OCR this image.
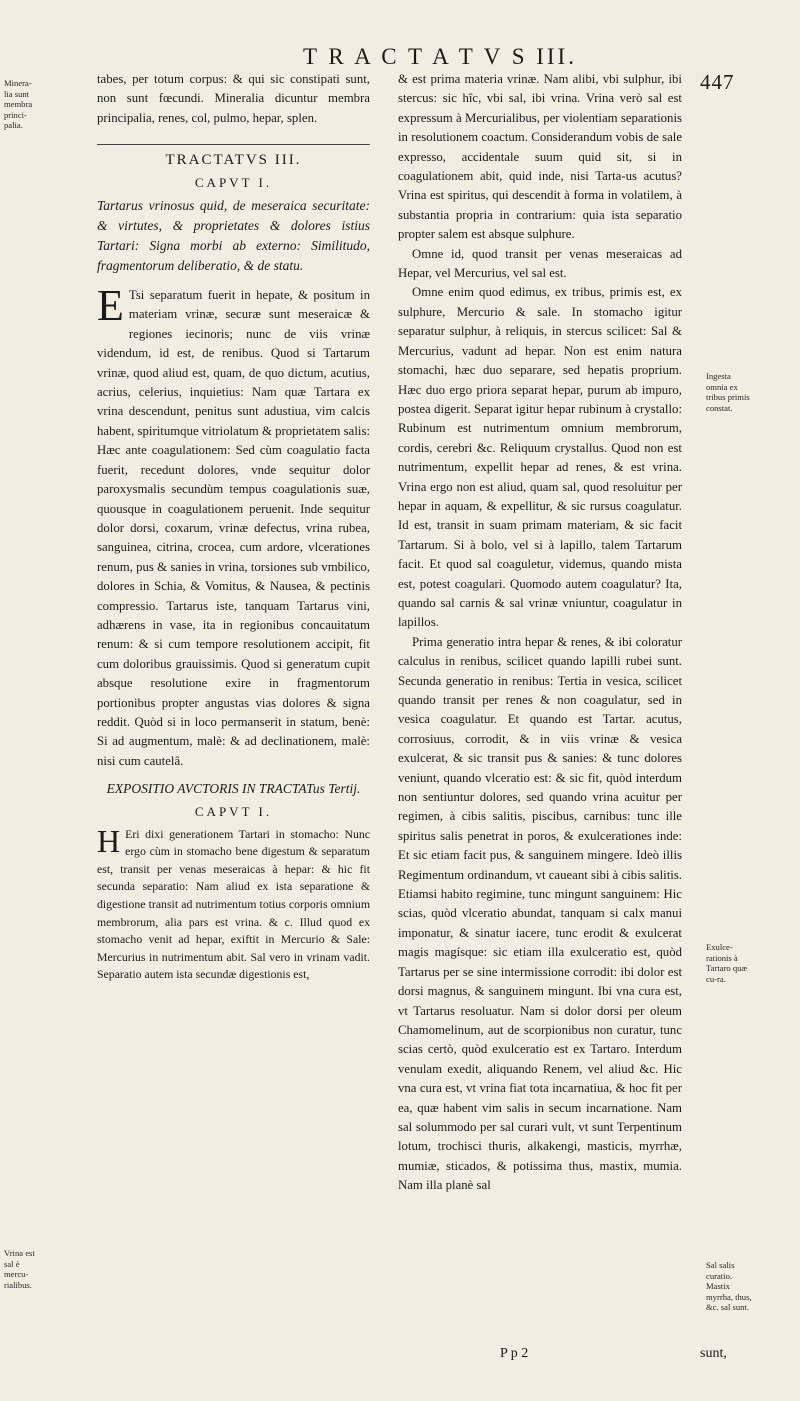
T R A C T A T V S III.
447
Minera-lia sunt membra princi-palia.
Vrina est sal è mercu-rialibus.
Ingesta omnia ex tribus primis constat.
Exulce-rationis à Tartaro quæ cu-ra.
Sal salis curatio. Mastix myrrha, thus, &c. sal sunt.

tabes, per totum corpus: & qui sic constipati sunt, non sunt fœcundi. Mineralia dicuntur membra principalia, renes, col, pulmo, hepar, splen.

TRACTATVS III.
CAPVT I.
Tartarus vrinosus quid, de meseraica securitate: & virtutes, & proprietates & dolores istius Tartari: Signa morbi ab externo: Similitudo, fragmentorum deliberatio, & de statu.

E Tsi separatum fuerit in hepate, & positum in materiam vrinæ, securæ sunt meseraicæ & regiones iecinoris; nunc de viis vrinæ videndum, id est, de renibus. Quod si Tartarum vrinæ, quod aliud est, quam, de quo dictum, acutius, acrius, celerius, inquietius: Nam quæ Tartara ex vrina descendunt, penitus sunt adustiua, vim calcis habent, spiritumque vitriolatum & proprietatem salis: Hæc ante coagulationem: Sed cùm coagulatio facta fuerit, recedunt dolores, vnde sequitur dolor paroxysmalis secundùm tempus coagulationis suæ, quousque in coagulationem peruenit. Inde sequitur dolor dorsi, coxarum, vrinæ defectus, vrina rubea, sanguinea, citrina, crocea, cum ardore, vlcerationes renum, pus & sanies in vrina, torsiones sub vmbilico, dolores in Schia, & Vomitus, & Nausea, & pectinis compressio. Tartarus iste, tanquam Tartarus vini, adhærens in vase, ita in regionibus concauitatum renum: & si cum tempore resolutionem accipit, fit cum doloribus grauissimis. Quod si generatum cupit absque resolutione exire in fragmentorum portionibus propter angustas vias dolores & signa reddit. Quòd si in loco permanserit in statum, benè: Si ad augmentum, malè: & ad declinationem, malè: nisi cum cautelâ.

EXPOSITIO AVCTORIS IN TRACTATus Tertij.
CAPVT I.

H Eri dixi generationem Tartari in stomacho: Nunc ergo cùm in stomacho bene digestum & separatum est, transit per venas meseraicas à hepar: & hic fit secunda separatio: Nam aliud ex ista separatione & digestione transit ad nutrimentum totius corporis omnium membrorum, alia pars est vrina. & c. Illud quod ex stomacho venit ad hepar, exiftit in Mercurio & Sale: Mercurius in nutrimentum abit. Sal vero in vrinam vadit. Separatio autem ista secundæ digestionis est,

& est prima materia vrinæ. Nam alibi, vbi sulphur, ibi stercus: sic hîc, vbi sal, ibi vrina. Vrina verò sal est expressum à Mercurialibus, per violentiam separationis in resolutionem coactum. Considerandum vobis de sale expresso, accidentale suum quid sit, si in coagulationem abit, quid inde, nisi Tarta-us acutus? Vrina est spiritus, qui descendit à forma in volatilem, à substantia propria in contrarium: quia ista separatio propter salem est absque sulphure.

Omne id, quod transit per venas meseraicas ad Hepar, vel Mercurius, vel sal est.

Omne enim quod edimus, ex tribus, primis est, ex sulphure, Mercurio & sale. In stomacho igitur separatur sulphur, à reliquis, in stercus scilicet: Sal & Mercurius, vadunt ad hepar. Non est enim natura stomachi, hæc duo separare, sed hepatis proprium. Hæc duo ergo priora separat hepar, purum ab impuro, postea digerit. Separat igitur hepar rubinum à crystallo: Rubinum est nutrimentum omnium membrorum, cordis, cerebri &c. Reliquum crystallus. Quod non est nutrimentum, expellit hepar ad renes, & est vrina. Vrina ergo non est aliud, quam sal, quod resoluitur per hepar in aquam, & expellitur, & sic rursus coagulatur. Id est, transit in suam primam materiam, & sic facit Tartarum. Si à bolo, vel si à lapillo, talem Tartarum facit. Et quod sal coaguletur, videmus, quando mista est, potest coagulari. Quomodo autem coagulatur? Ita, quando sal carnis & sal vrinæ vniuntur, coagulatur in lapillos.

Prima generatio intra hepar & renes, & ibi coloratur calculus in renibus, scilicet quando lapilli rubei sunt. Secunda generatio in renibus: Tertia in vesica, scilicet quando transit per renes & non coagulatur, sed in vesica coagulatur. Et quando est Tartar. acutus, corrosiuus, corrodit, & in viis vrinæ & vesica exulcerat, & sic transit pus & sanies: & tunc dolores veniunt, quando vlceratio est: & sic fit, quòd interdum non sentiuntur dolores, sed quando vrina acuitur per regimen, à cibis salitis, piscibus, carnibus: tunc ille spiritus salis penetrat in poros, & exulcerationes inde: Et sic etiam facit pus, & sanguinem mingere. Ideò illis Regimentum ordinandum, vt caueant sibi à cibis salitis. Etiamsi habito regimine, tunc mingunt sanguinem: Hic scias, quòd vlceratio abundat, tanquam si calx manui imponatur, & sinatur iacere, tunc erodit & exulcerat magis magísque: sic etiam illa exulceratio est, quòd Tartarus per se sine intermissione corrodit: ibi dolor est dorsi magnus, & sanguinem mingunt. Ibi vna cura est, vt Tartarus resoluatur. Nam si dolor dorsi per oleum Chamomelinum, aut de scorpionibus non curatur, tunc scias certò, quòd exulceratio est ex Tartaro. Interdum venulam exedit, aliquando Renem, vel aliud &c. Hic vna cura est, vt vrina fiat tota incarnatiua, & hoc fit per ea, quæ habent vim salis in secum incarnatione. Nam sal solummodo per sal curari vult, vt sunt Terpentinum lotum, trochisci thuris, alkakengi, masticis, myrrhæ, mumiæ, sticados, & potissima thus, mastix, mumia. Nam illa planè sal

P p 2	sunt,
